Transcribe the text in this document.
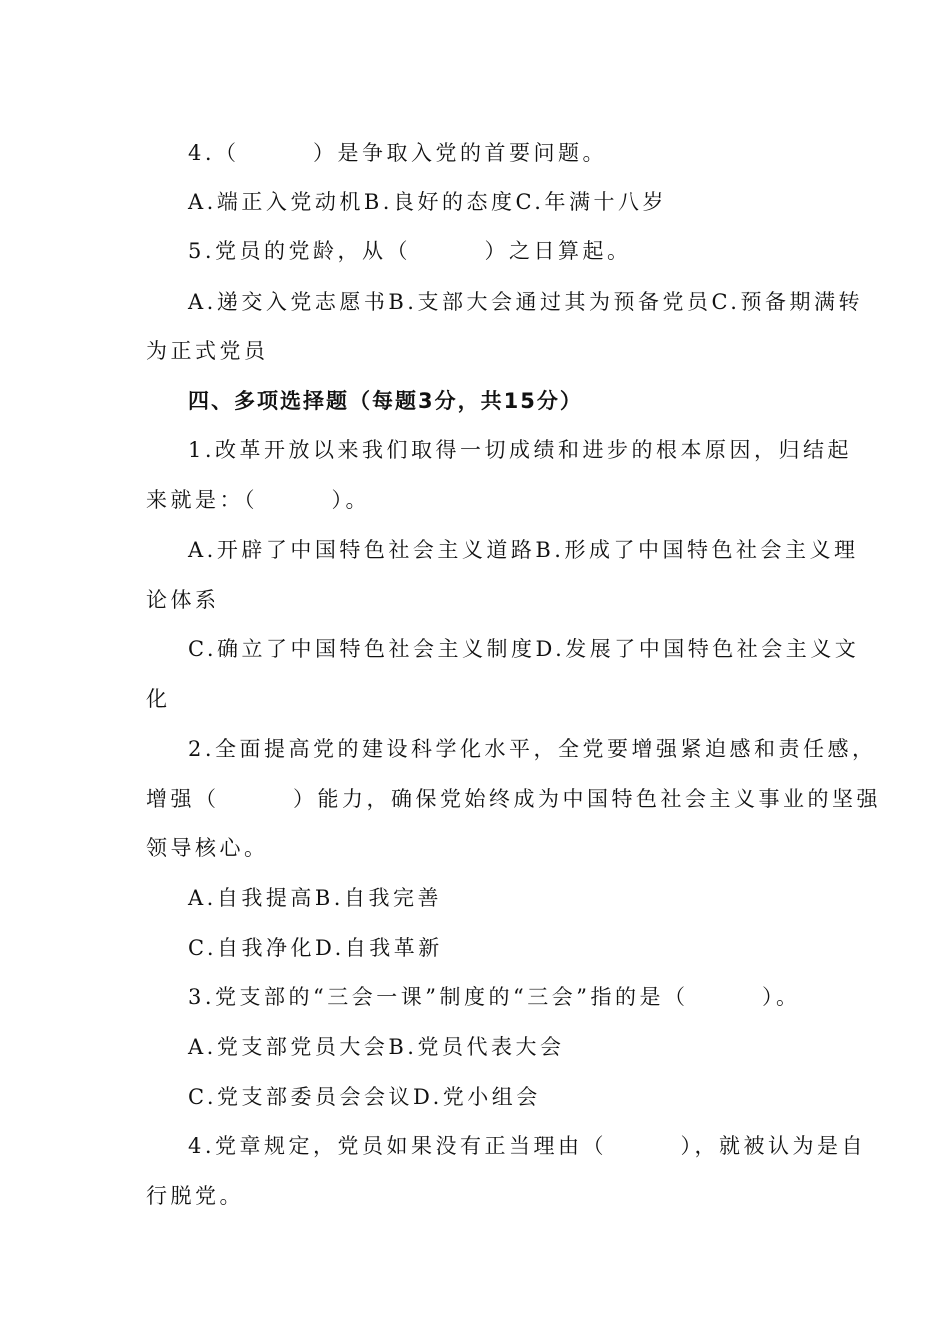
4.（　　　）是争取入党的首要问题。
A.端正入党动机B.良好的态度C.年满十八岁
5.党员的党龄，从（　　　）之日算起。
A.递交入党志愿书B.支部大会通过其为预备党员C.预备期满转
为正式党员
四、多项选择题（每题3分，共15分）
1.改革开放以来我们取得一切成绩和进步的根本原因，归结起
来就是：（　　　）。
A.开辟了中国特色社会主义道路B.形成了中国特色社会主义理
论体系
C.确立了中国特色社会主义制度D.发展了中国特色社会主义文
化
2.全面提高党的建设科学化水平，全党要增强紧迫感和责任感，
增强（　　　）能力，确保党始终成为中国特色社会主义事业的坚强
领导核心。
A.自我提高B.自我完善
C.自我净化D.自我革新
3.党支部的“三会一课”制度的“三会”指的是（　　　）。
A.党支部党员大会B.党员代表大会
C.党支部委员会会议D.党小组会
4.党章规定，党员如果没有正当理由（　　　），就被认为是自
行脱党。
